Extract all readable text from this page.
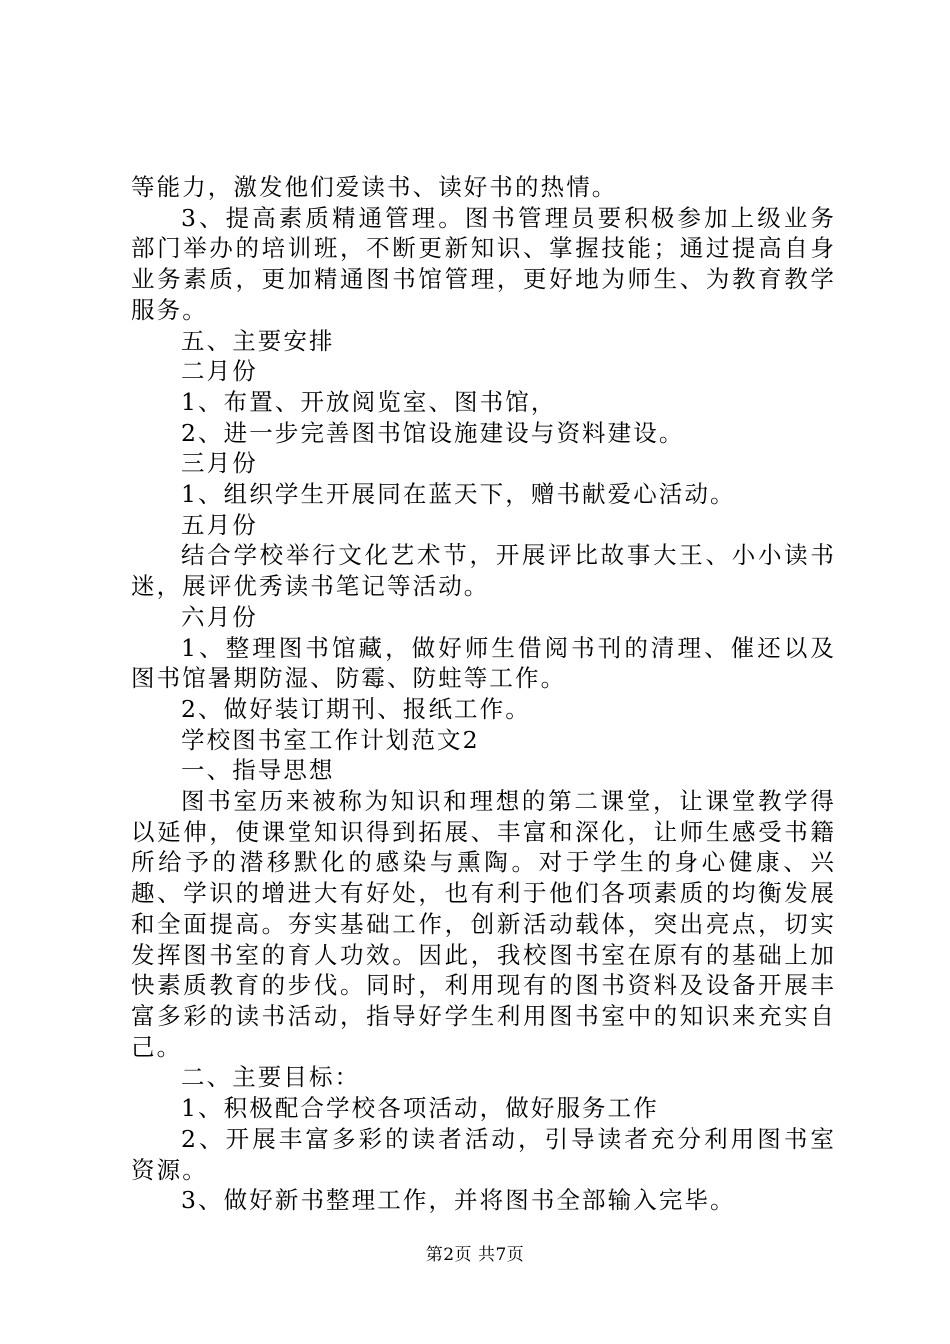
等能力，激发他们爱读书、读好书的热情。

3、提高素质精通管理。图书管理员要积极参加上级业务部门举办的培训班，不断更新知识、掌握技能；通过提高自身业务素质，更加精通图书馆管理，更好地为师生、为教育教学服务。

五、主要安排

二月份

1、布置、开放阅览室、图书馆，

2、进一步完善图书馆设施建设与资料建设。

三月份

1、组织学生开展同在蓝天下，赠书献爱心活动。

五月份

结合学校举行文化艺术节，开展评比故事大王、小小读书迷，展评优秀读书笔记等活动。

六月份

1、整理图书馆藏，做好师生借阅书刊的清理、催还以及图书馆暑期防湿、防霉、防蛀等工作。

2、做好装订期刊、报纸工作。

学校图书室工作计划范文2

一、指导思想

图书室历来被称为知识和理想的第二课堂，让课堂教学得以延伸，使课堂知识得到拓展、丰富和深化，让师生感受书籍所给予的潜移默化的感染与熏陶。对于学生的身心健康、兴趣、学识的增进大有好处，也有利于他们各项素质的均衡发展和全面提高。夯实基础工作，创新活动载体，突出亮点，切实发挥图书室的育人功效。因此，我校图书室在原有的基础上加快素质教育的步伐。同时，利用现有的图书资料及设备开展丰富多彩的读书活动，指导好学生利用图书室中的知识来充实自己。

二、主要目标：

1、积极配合学校各项活动，做好服务工作

2、开展丰富多彩的读者活动，引导读者充分利用图书室资源。

3、做好新书整理工作，并将图书全部输入完毕。

第2页 共7页
